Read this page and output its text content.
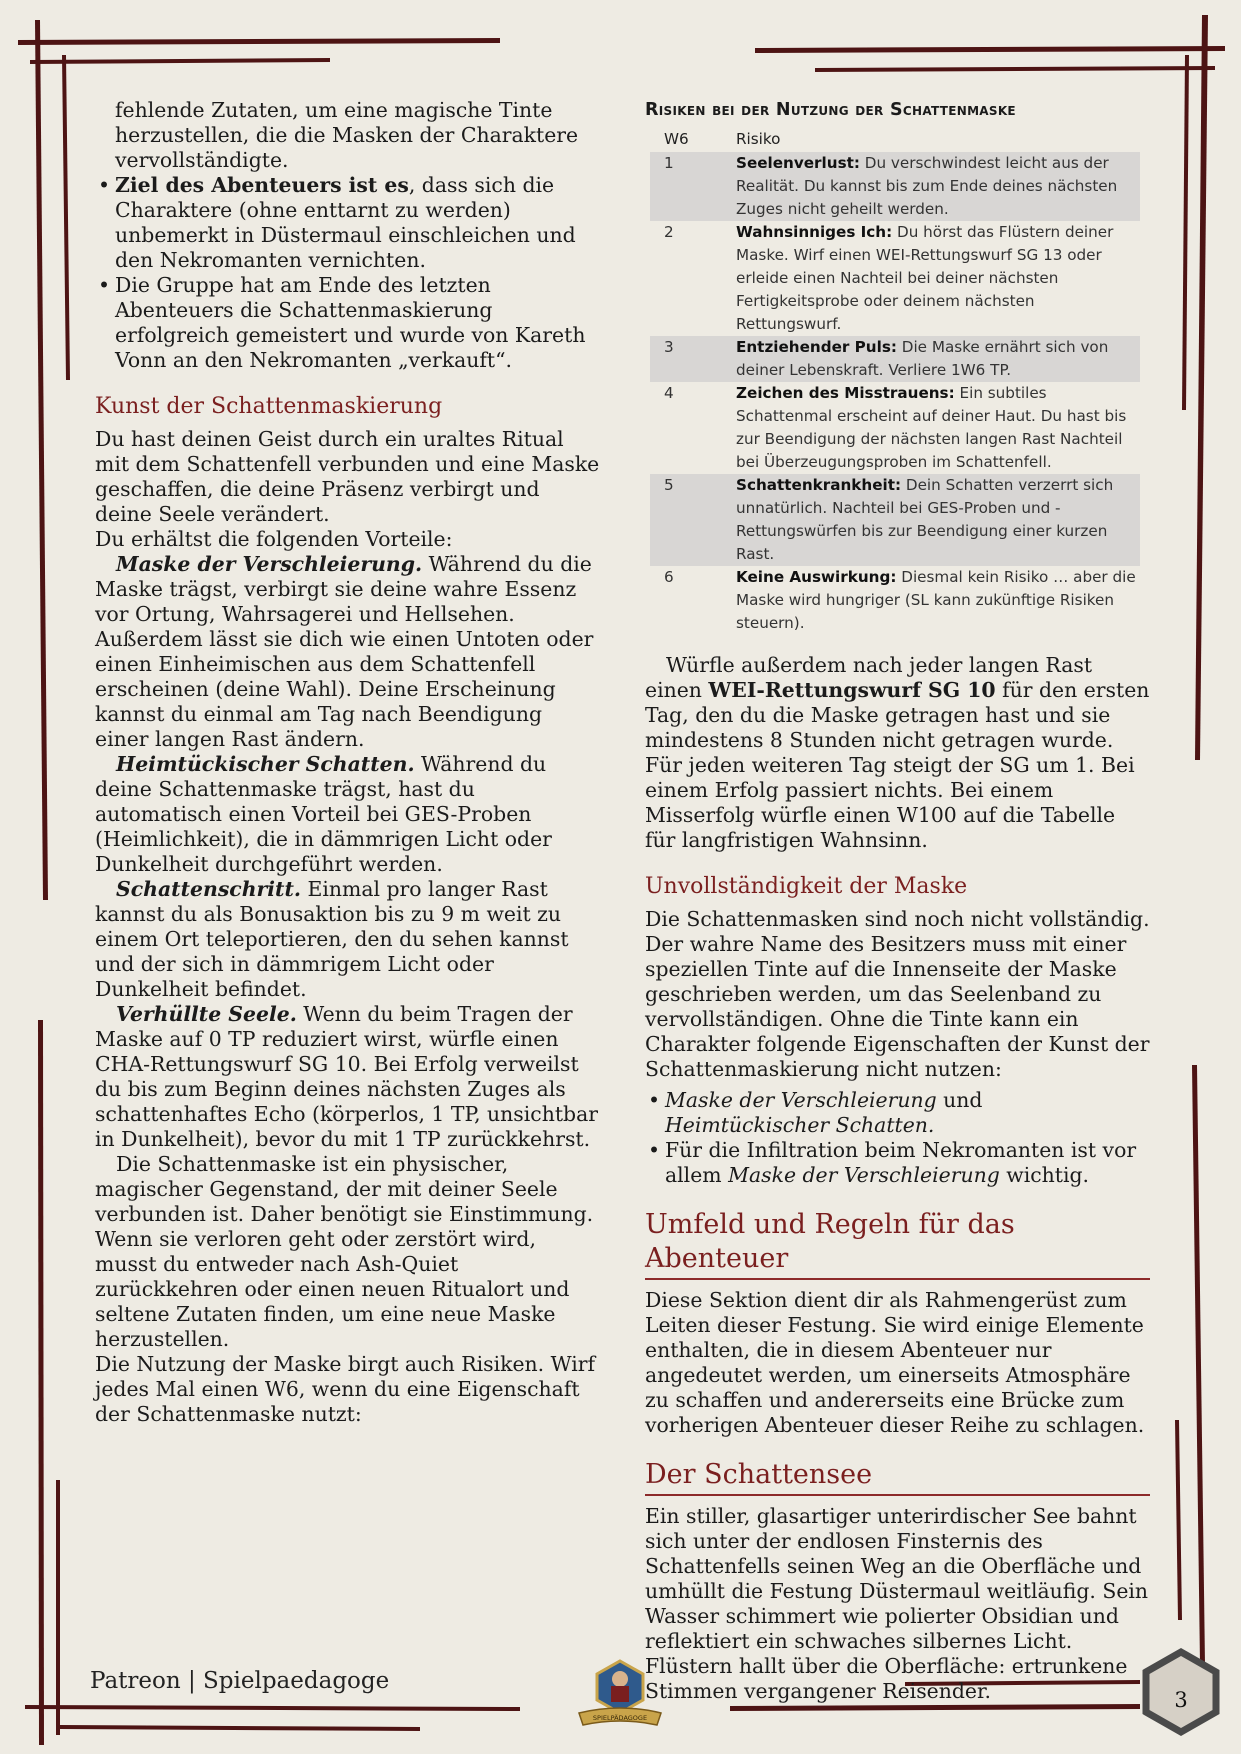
fehlende Zutaten, um eine magische Tinte herzustellen, die die Masken der Charaktere vervollständigte.

• Ziel des Abenteuers ist es, dass sich die Charaktere (ohne enttarnt zu werden) unbemerkt in Düstermaul einschleichen und den Nekromanten vernichten.
• Die Gruppe hat am Ende des letzten Abenteuers die Schattenmaskierung erfolgreich gemeistert und wurde von Kareth Vonn an den Nekromanten „verkauft“.
Kunst der Schattenmaskierung

Du hast deinen Geist durch ein uraltes Ritual mit dem Schattenfell verbunden und eine Maske geschaffen, die deine Präsenz verbirgt und deine Seele verändert.

Du erhältst die folgenden Vorteile:

Maske der Verschleierung. Während du die Maske trägst, verbirgt sie deine wahre Essenz vor Ortung, Wahrsagerei und Hellsehen. Außerdem lässt sie dich wie einen Untoten oder einen Einheimischen aus dem Schattenfell erscheinen (deine Wahl). Deine Erscheinung kannst du einmal am Tag nach Beendigung einer langen Rast ändern.

Heimtückischer Schatten. Während du deine Schattenmaske trägst, hast du automatisch einen Vorteil bei GES-Proben (Heimlichkeit), die in dämmrigen Licht oder Dunkelheit durchgeführt werden.

Schattenschritt. Einmal pro langer Rast kannst du als Bonusaktion bis zu 9 m weit zu einem Ort teleportieren, den du sehen kannst und der sich in dämmrigem Licht oder Dunkelheit befindet.

Verhüllte Seele. Wenn du beim Tragen der Maske auf 0 TP reduziert wirst, würfle einen CHA-Rettungswurf SG 10. Bei Erfolg verweilst du bis zum Beginn deines nächsten Zuges als schattenhaftes Echo (körperlos, 1 TP, unsichtbar in Dunkelheit), bevor du mit 1 TP zurückkehrst.

Die Schattenmaske ist ein physischer, magischer Gegenstand, der mit deiner Seele verbunden ist. Daher benötigt sie Einstimmung. Wenn sie verloren geht oder zerstört wird, musst du entweder nach Ash-Quiet zurückkehren oder einen neuen Ritualort und seltene Zutaten finden, um eine neue Maske herzustellen.

Die Nutzung der Maske birgt auch Risiken. Wirf jedes Mal einen W6, wenn du eine Eigenschaft der Schattenmaske nutzt:

Risiken bei der Nutzung der Schattenmaske
W6	Risiko
1	Seelenverlust: Du verschwindest leicht aus der Realität. Du kannst bis zum Ende deines nächsten Zuges nicht geheilt werden.
2	Wahnsinniges Ich: Du hörst das Flüstern deiner Maske. Wirf einen WEI-Rettungswurf SG 13 oder erleide einen Nachteil bei deiner nächsten Fertigkeitsprobe oder deinem nächsten Rettungswurf.
3	Entziehender Puls: Die Maske ernährt sich von deiner Lebenskraft. Verliere 1W6 TP.
4	Zeichen des Misstrauens: Ein subtiles Schattenmal erscheint auf deiner Haut. Du hast bis zur Beendigung der nächsten langen Rast Nachteil bei Überzeugungsproben im Schattenfell.
5	Schattenkrankheit: Dein Schatten verzerrt sich unnatürlich. Nachteil bei GES-Proben und -Rettungswürfen bis zur Beendigung einer kurzen Rast.
6	Keine Auswirkung: Diesmal kein Risiko … aber die Maske wird hungriger (SL kann zukünftige Risiken steuern).

Würfle außerdem nach jeder langen Rast einen WEI-Rettungswurf SG 10 für den ersten Tag, den du die Maske getragen hast und sie mindestens 8 Stunden nicht getragen wurde. Für jeden weiteren Tag steigt der SG um 1. Bei einem Erfolg passiert nichts. Bei einem Misserfolg würfle einen W100 auf die Tabelle für langfristigen Wahnsinn.

Unvollständigkeit der Maske

Die Schattenmasken sind noch nicht vollständig. Der wahre Name des Besitzers muss mit einer speziellen Tinte auf die Innenseite der Maske geschrieben werden, um das Seelenband zu vervollständigen. Ohne die Tinte kann ein Charakter folgende Eigenschaften der Kunst der Schattenmaskierung nicht nutzen:

• Maske der Verschleierung und Heimtückischer Schatten.
• Für die Infiltration beim Nekromanten ist vor allem Maske der Verschleierung wichtig.
Umfeld und Regeln für das Abenteuer

Diese Sektion dient dir als Rahmengerüst zum Leiten dieser Festung. Sie wird einige Elemente enthalten, die in diesem Abenteuer nur angedeutet werden, um einerseits Atmosphäre zu schaffen und andererseits eine Brücke zum vorherigen Abenteuer dieser Reihe zu schlagen.

Der Schattensee

Ein stiller, glasartiger unterirdischer See bahnt sich unter der endlosen Finsternis des Schattenfells seinen Weg an die Oberfläche und umhüllt die Festung Düstermaul weitläufig. Sein Wasser schimmert wie polierter Obsidian und reflektiert ein schwaches silbernes Licht. Flüstern hallt über die Oberfläche: ertrunkene Stimmen vergangener Reisender.

Patreon | Spielpaedagoge
SPIELPÄDAGOGE
3
